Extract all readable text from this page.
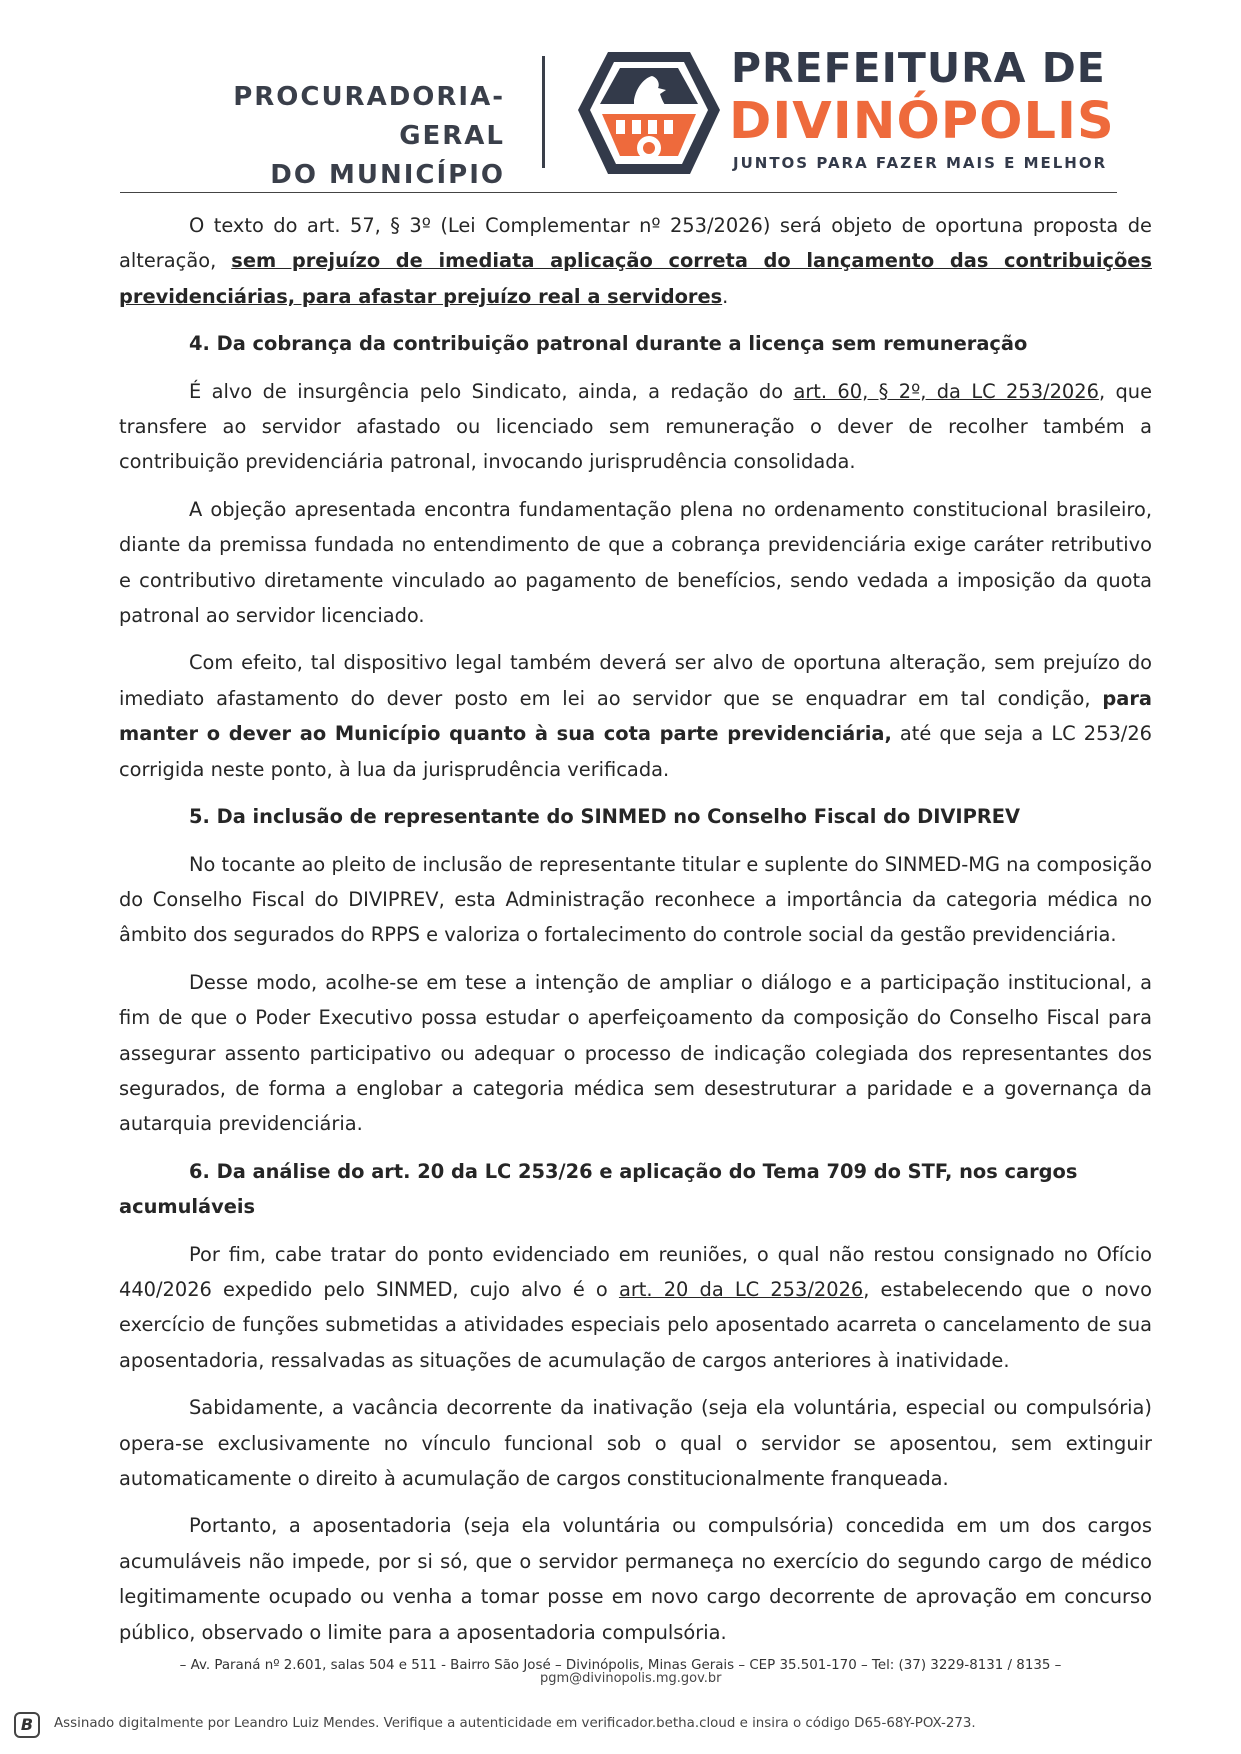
PROCURADORIA-GERAL
DO MUNICÍPIO
PREFEITURA DE
DIVINÓPOLIS
JUNTOS PARA FAZER MAIS E MELHOR

O texto do art. 57, § 3º (Lei Complementar nº 253/2026) será objeto de oportuna proposta de alteração, sem prejuízo de imediata aplicação correta do lançamento das contribuições previdenciárias, para afastar prejuízo real a servidores.

4. Da cobrança da contribuição patronal durante a licença sem remuneração

É alvo de insurgência pelo Sindicato, ainda, a redação do art. 60, § 2º, da LC 253/2026, que transfere ao servidor afastado ou licenciado sem remuneração o dever de recolher também a contribuição previdenciária patronal, invocando jurisprudência consolidada.

A objeção apresentada encontra fundamentação plena no ordenamento constitucional brasileiro, diante da premissa fundada no entendimento de que a cobrança previdenciária exige caráter retributivo e contributivo diretamente vinculado ao pagamento de benefícios, sendo vedada a imposição da quota patronal ao servidor licenciado.

Com efeito, tal dispositivo legal também deverá ser alvo de oportuna alteração, sem prejuízo do imediato afastamento do dever posto em lei ao servidor que se enquadrar em tal condição, para manter o dever ao Município quanto à sua cota parte previdenciária, até que seja a LC 253/26 corrigida neste ponto, à lua da jurisprudência verificada.

5. Da inclusão de representante do SINMED no Conselho Fiscal do DIVIPREV

No tocante ao pleito de inclusão de representante titular e suplente do SINMED-MG na composição do Conselho Fiscal do DIVIPREV, esta Administração reconhece a importância da categoria médica no âmbito dos segurados do RPPS e valoriza o fortalecimento do controle social da gestão previdenciária.

Desse modo, acolhe-se em tese a intenção de ampliar o diálogo e a participação institucional, a fim de que o Poder Executivo possa estudar o aperfeiçoamento da composição do Conselho Fiscal para assegurar assento participativo ou adequar o processo de indicação colegiada dos representantes dos segurados, de forma a englobar a categoria médica sem desestruturar a paridade e a governança da autarquia previdenciária.

6. Da análise do art. 20 da LC 253/26 e aplicação do Tema 709 do STF, nos cargos acumuláveis

Por fim, cabe tratar do ponto evidenciado em reuniões, o qual não restou consignado no Ofício 440/2026 expedido pelo SINMED, cujo alvo é o art. 20 da LC 253/2026, estabelecendo que o novo exercício de funções submetidas a atividades especiais pelo aposentado acarreta o cancelamento de sua aposentadoria, ressalvadas as situações de acumulação de cargos anteriores à inatividade.

Sabidamente, a vacância decorrente da inativação (seja ela voluntária, especial ou compulsória) opera-se exclusivamente no vínculo funcional sob o qual o servidor se aposentou, sem extinguir automaticamente o direito à acumulação de cargos constitucionalmente franqueada.

Portanto, a aposentadoria (seja ela voluntária ou compulsória) concedida em um dos cargos acumuláveis não impede, por si só, que o servidor permaneça no exercício do segundo cargo de médico legitimamente ocupado ou venha a tomar posse em novo cargo decorrente de aprovação em concurso público, observado o limite para a aposentadoria compulsória.

– Av. Paraná nº 2.601, salas 504 e 511 - Bairro São José – Divinópolis, Minas Gerais – CEP 35.501-170 – Tel: (37) 3229-8131 / 8135 –
pgm@divinopolis.mg.gov.br
B	Assinado digitalmente por Leandro Luiz Mendes. Verifique a autenticidade em verificador.betha.cloud e insira o código D65-68Y-POX-273.
